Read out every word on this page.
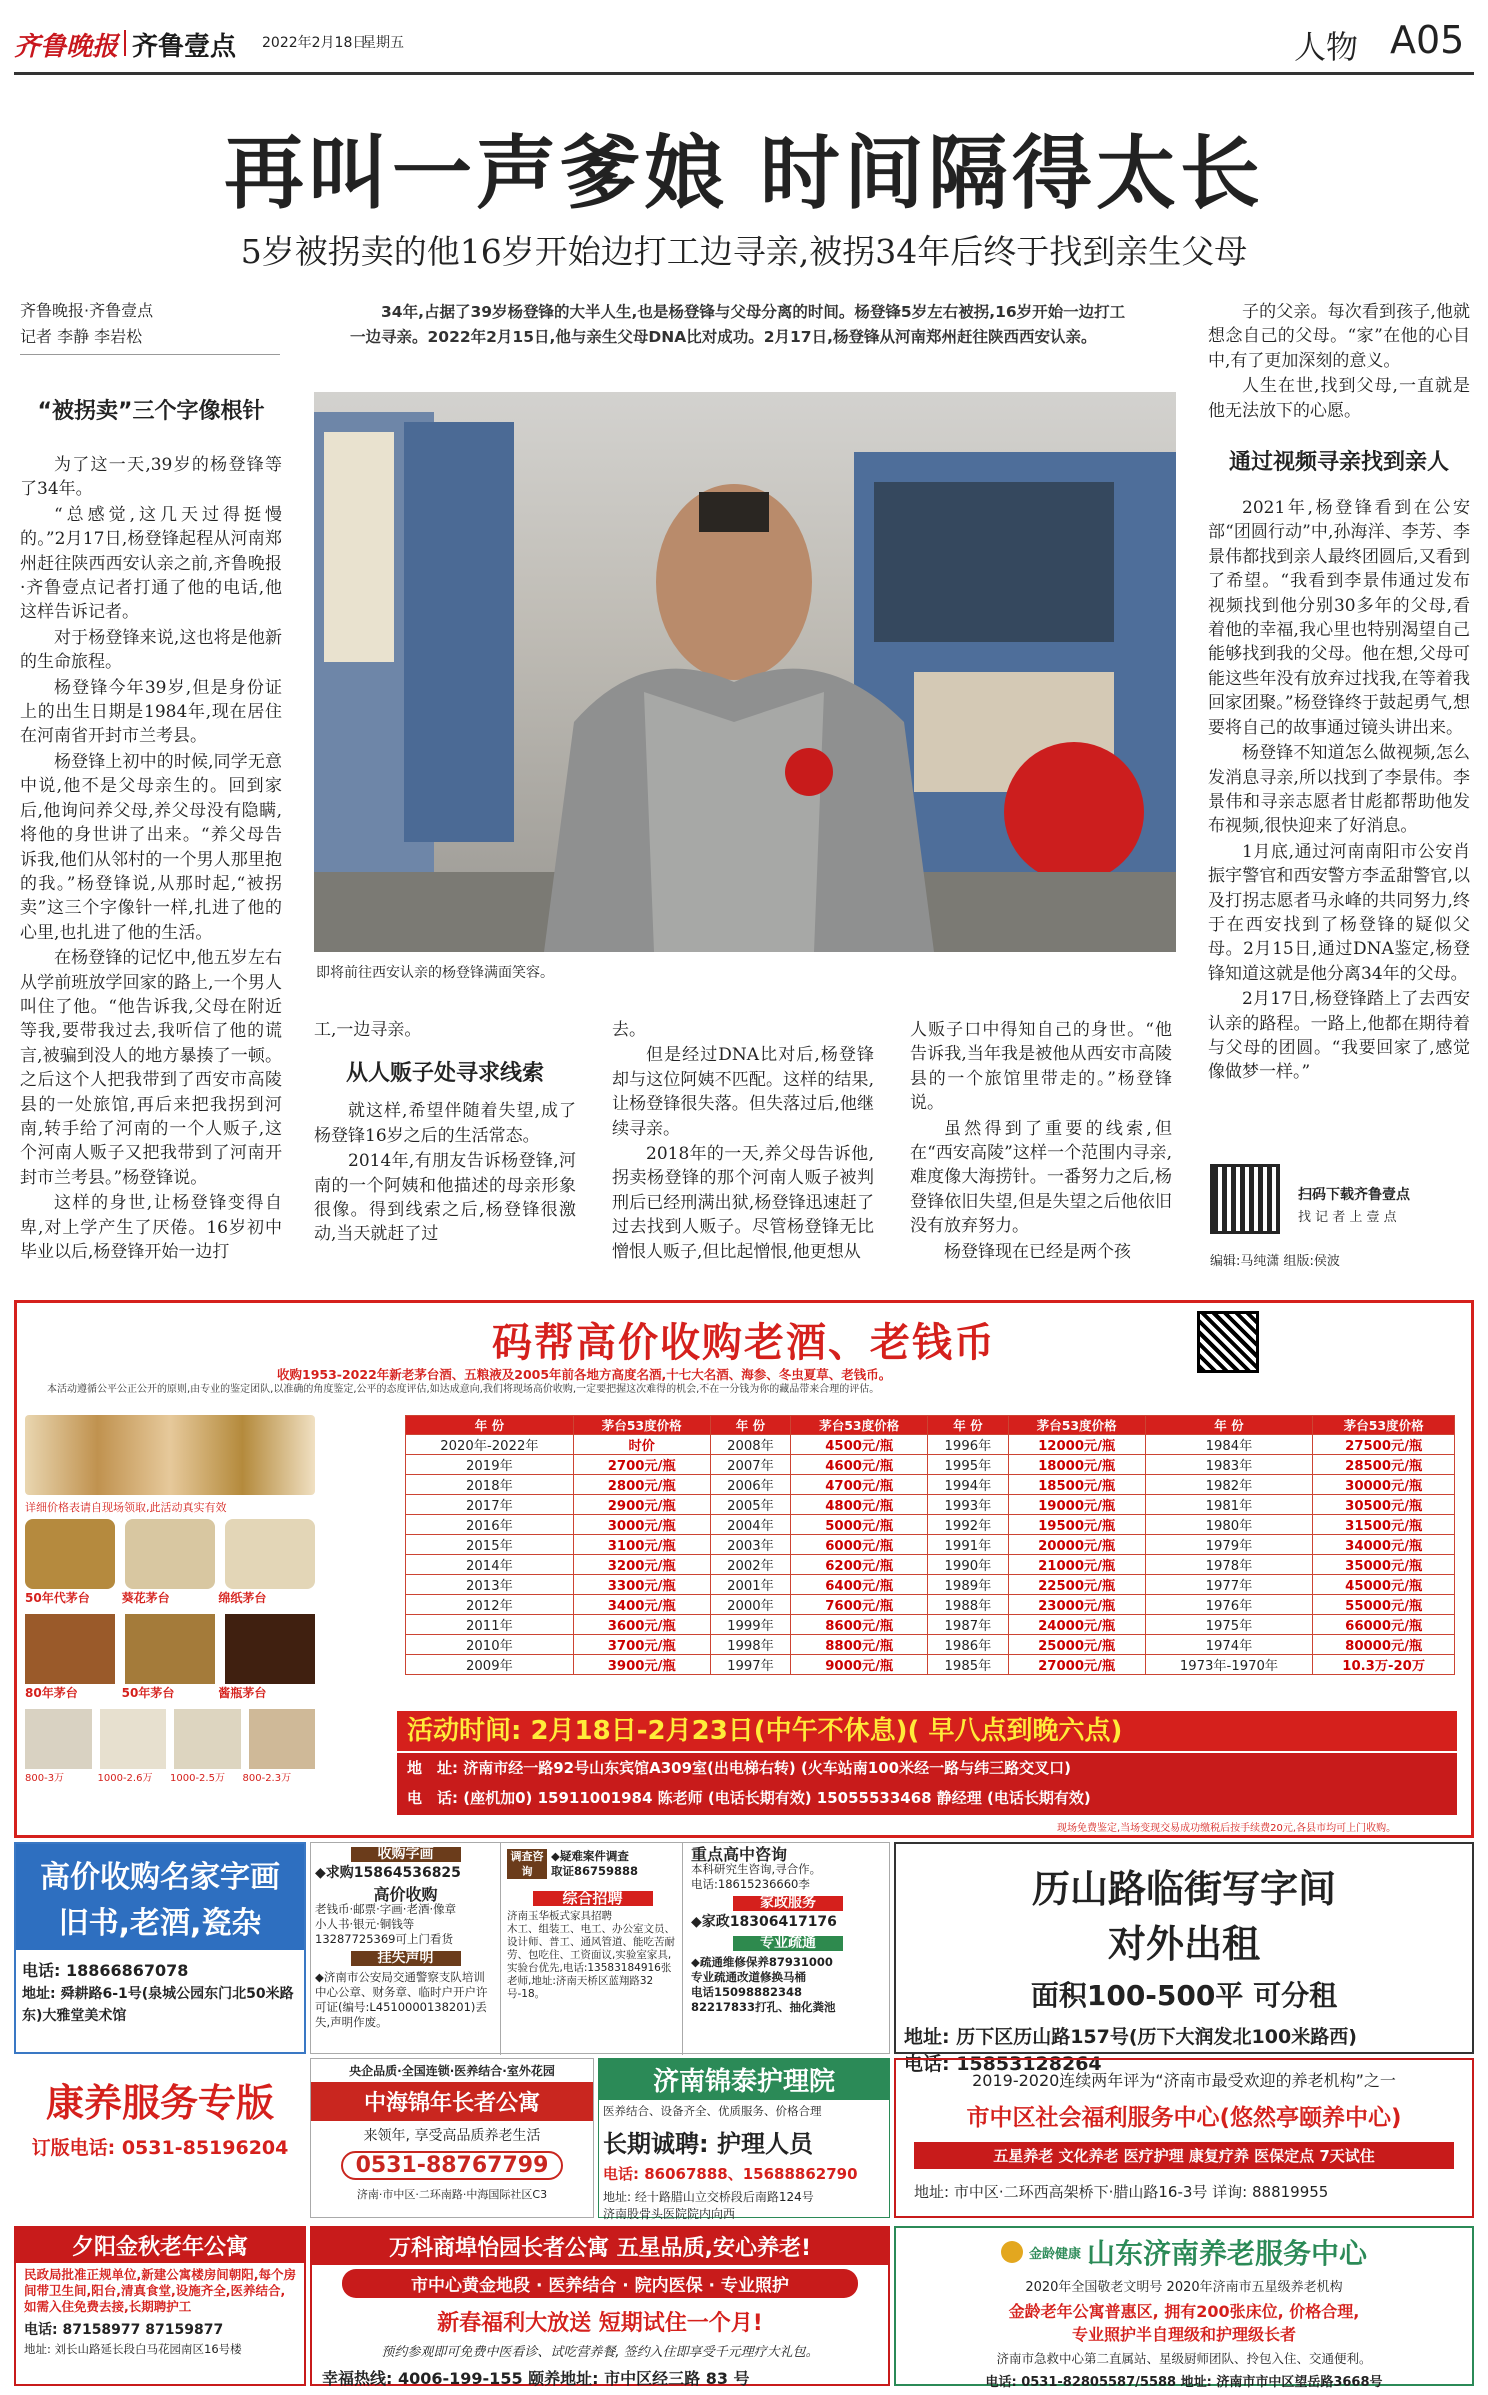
齐鲁晚报 齐鲁壹点 2022年2月18日
星期五	人物 A05
再叫一声爹娘 时间隔得太长
5岁被拐卖的他16岁开始边打工边寻亲,被拐34年后终于找到亲生父母
齐鲁晚报·齐鲁壹点
记者 李静 李岩松
34年,占据了39岁杨登锋的大半人生,也是杨登锋与父母分离的时间。杨登锋5岁左右被拐,16岁开始一边打工一边寻亲。2022年2月15日,他与亲生父母DNA比对成功。2月17日,杨登锋从河南郑州赶往陕西西安认亲。
即将前往西安认亲的杨登锋满面笑容。
“被拐卖”三个字像根针

为了这一天,39岁的杨登锋等了34年。

“总感觉,这几天过得挺慢的。”2月17日,杨登锋起程从河南郑州赶往陕西西安认亲之前,齐鲁晚报·齐鲁壹点记者打通了他的电话,他这样告诉记者。

对于杨登锋来说,这也将是他新的生命旅程。

杨登锋今年39岁,但是身份证上的出生日期是1984年,现在居住在河南省开封市兰考县。

杨登锋上初中的时候,同学无意中说,他不是父母亲生的。回到家后,他询问养父母,养父母没有隐瞒,将他的身世讲了出来。“养父母告诉我,他们从邻村的一个男人那里抱的我。”杨登锋说,从那时起,“被拐卖”这三个字像针一样,扎进了他的心里,也扎进了他的生活。

在杨登锋的记忆中,他五岁左右从学前班放学回家的路上,一个男人叫住了他。“他告诉我,父母在附近等我,要带我过去,我听信了他的谎言,被骗到没人的地方暴揍了一顿。之后这个人把我带到了西安市高陵县的一处旅馆,再后来把我拐到河南,转手给了河南的一个人贩子,这个河南人贩子又把我带到了河南开封市兰考县。”杨登锋说。

这样的身世,让杨登锋变得自卑,对上学产生了厌倦。16岁初中毕业以后,杨登锋开始一边打

工,一边寻亲。

从人贩子处寻求线索

就这样,希望伴随着失望,成了杨登锋16岁之后的生活常态。

2014年,有朋友告诉杨登锋,河南的一个阿姨和他描述的母亲形象很像。得到线索之后,杨登锋很激动,当天就赶了过

去。

但是经过DNA比对后,杨登锋却与这位阿姨不匹配。这样的结果,让杨登锋很失落。但失落过后,他继续寻亲。

2018年的一天,养父母告诉他,拐卖杨登锋的那个河南人贩子被判刑后已经刑满出狱,杨登锋迅速赶了过去找到人贩子。尽管杨登锋无比憎恨人贩子,但比起憎恨,他更想从

人贩子口中得知自己的身世。“他告诉我,当年我是被他从西安市高陵县的一个旅馆里带走的。”杨登锋说。

虽然得到了重要的线索,但在“西安高陵”这样一个范围内寻亲,难度像大海捞针。一番努力之后,杨登锋依旧失望,但是失望之后他依旧没有放弃努力。

杨登锋现在已经是两个孩

子的父亲。每次看到孩子,他就想念自己的父母。“家”在他的心目中,有了更加深刻的意义。

人生在世,找到父母,一直就是他无法放下的心愿。

通过视频寻亲找到亲人

2021年,杨登锋看到在公安部“团圆行动”中,孙海洋、李芳、李景伟都找到亲人最终团圆后,又看到了希望。“我看到李景伟通过发布视频找到他分别30多年的父母,看着他的幸福,我心里也特别渴望自己能够找到我的父母。他在想,父母可能这些年没有放弃过找我,在等着我回家团聚。”杨登锋终于鼓起勇气,想要将自己的故事通过镜头讲出来。

杨登锋不知道怎么做视频,怎么发消息寻亲,所以找到了李景伟。李景伟和寻亲志愿者甘彪都帮助他发布视频,很快迎来了好消息。

1月底,通过河南南阳市公安肖振宇警官和西安警方李孟甜警官,以及打拐志愿者马永峰的共同努力,终于在西安找到了杨登锋的疑似父母。2月15日,通过DNA鉴定,杨登锋知道这就是他分离34年的父母。

2月17日,杨登锋踏上了去西安认亲的路程。一路上,他都在期待着与父母的团圆。“我要回家了,感觉像做梦一样。”

扫码下载齐鲁壹点
找 记 者 上 壹 点
编辑:马纯潇 组版:侯波
码帮高价收购老酒、老钱币
收购1953-2022年新老茅台酒、五粮液及2005年前各地方高度名酒,十七大名酒、海参、冬虫夏草、老钱币。
本活动遵循公平公正公开的原则,由专业的鉴定团队,以准确的角度鉴定,公平的态度评估,如达成意向,我们将现场高价收购,一定要把握这次难得的机会,不在一分钱为你的藏品带来合理的评估。
详细价格表请自现场领取,此活动真实有效
50年代茅台	葵花茅台	绵纸茅台
80年茅台	50年茅台	酱瓶茅台
800-3万	1000-2.6万	1000-2.5万	800-2.3万
年 份	茅台53度价格	年 份	茅台53度价格	年 份	茅台53度价格	年 份	茅台53度价格
2020年-2022年	时价	2008年	4500元/瓶	1996年	12000元/瓶	1984年	27500元/瓶
2019年	2700元/瓶	2007年	4600元/瓶	1995年	18000元/瓶	1983年	28500元/瓶
2018年	2800元/瓶	2006年	4700元/瓶	1994年	18500元/瓶	1982年	30000元/瓶
2017年	2900元/瓶	2005年	4800元/瓶	1993年	19000元/瓶	1981年	30500元/瓶
2016年	3000元/瓶	2004年	5000元/瓶	1992年	19500元/瓶	1980年	31500元/瓶
2015年	3100元/瓶	2003年	6000元/瓶	1991年	20000元/瓶	1979年	34000元/瓶
2014年	3200元/瓶	2002年	6200元/瓶	1990年	21000元/瓶	1978年	35000元/瓶
2013年	3300元/瓶	2001年	6400元/瓶	1989年	22500元/瓶	1977年	45000元/瓶
2012年	3400元/瓶	2000年	7600元/瓶	1988年	23000元/瓶	1976年	55000元/瓶
2011年	3600元/瓶	1999年	8600元/瓶	1987年	24000元/瓶	1975年	66000元/瓶
2010年	3700元/瓶	1998年	8800元/瓶	1986年	25000元/瓶	1974年	80000元/瓶
2009年	3900元/瓶	1997年	9000元/瓶	1985年	27000元/瓶	1973年-1970年	10.3万-20万
活动时间: 2月18日-2月23日(中午不休息)( 早八点到晚六点)
地　址: 济南市经一路92号山东宾馆A309室(出电梯右转) (火车站南100米经一路与纬三路交叉口)
电　话: (座机加0) 15911001984 陈老师 (电话长期有效) 15055533468 静经理 (电话长期有效)
现场免费鉴定,当场变现交易成功缴税后按手续费20元,各县市均可上门收购。
高价收购名家字画
旧书,老酒,瓷杂
电话: 18866867078
地址: 舜耕路6-1号(泉城公园东门北50米路东)大雅堂美术馆
收购字画
◆求购15864536825
高价收购
老钱币·邮票·字画·老酒·像章
小人书·银元·铜钱等
13287725369可上门看货
挂失声明
◆济南市公安局交通警察支队培训中心公章、财务章、临时户开户许可证(编号:L4510000138201)丢失,声明作废。
调查咨询
◆疑难案件调查
取证86759888
综合招聘
济南玉华板式家具招聘
木工、组装工、电工、办公室文员、设计师、普工、通风管道、能吃苦耐劳、包吃住、工资面议,实验室家具,实验台优先,电话:13583184916张老师,地址:济南天桥区蓝翔路32号-18。
重点高中咨询
本科研究生咨询,寻合作。
电话:18615236660李
家政服务
◆家政18306417176
专业疏通
◆疏通维修保养87931000
专业疏通改道修换马桶
电话15098882348
82217833打孔、抽化粪池
历山路临街写字间
对外出租
面积100-500平 可分租
地址: 历下区历山路157号(历下大润发北100米路西)
电话: 15853128264
康养服务专版
订版电话: 0531-85196204
央企品质·全国连锁·医养结合·室外花园
中海锦年长者公寓
来领年, 享受高品质养老生活
0531-88767799
济南·市中区·二环南路·中海国际社区C3
济南锦泰护理院
医养结合、设备齐全、优质服务、价格合理
长期诚聘: 护理人员
电话: 86067888、15688862790
地址: 经十路腊山立交桥段后南路124号
济南股骨头医院院内向西
2019-2020连续两年评为“济南市最受欢迎的养老机构”之一
市中区社会福利服务中心(悠然亭颐养中心)
五星养老 文化养老 医疗护理 康复疗养 医保定点 7天试住
地址: 市中区·二环西高架桥下·腊山路16-3号 详询: 88819955
夕阳金秋老年公寓
民政局批准正规单位,新建公寓楼房间朝阳,每个房间带卫生间,阳台,清真食堂,设施齐全,医养结合,如需入住免费去接,长期聘护工
电话: 87158977 87159877
地址: 刘长山路延长段白马花园南区16号楼
万科商埠怡园长者公寓 五星品质,安心养老!
市中心黄金地段 · 医养结合 · 院内医保 · 专业照护
新春福利大放送 短期试住一个月!
预约参观即可免费中医看诊、试吃营养餐, 签约入住即享受千元理疗大礼包。
幸福热线: 4006-199-155 颐养地址: 市中区经三路 83 号
金龄健康 山东济南养老服务中心
2020年全国敬老文明号 2020年济南市五星级养老机构
金龄老年公寓普惠区, 拥有200张床位, 价格合理,
专业照护半自理级和护理级长者
济南市急救中心第二直属站、星级厨师团队、拎包入住、交通便利。
电话: 0531-82805587/5588 地址: 济南市市中区望岳路3668号
